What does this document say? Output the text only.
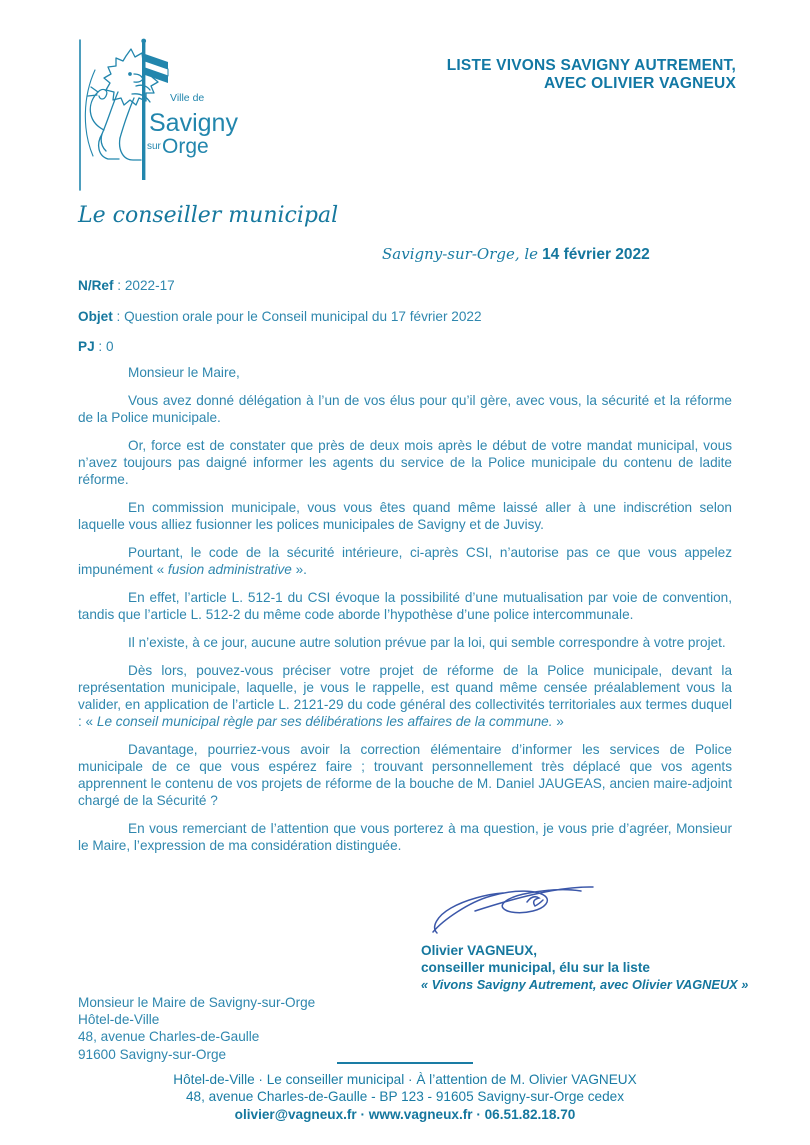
Ville de
Savigny
sur Orge
LISTE VIVONS SAVIGNY AUTREMENT,
AVEC OLIVIER VAGNEUX
Le conseiller municipal
Savigny-sur-Orge, le 14 février 2022
N/Ref : 2022-17
Objet : Question orale pour le Conseil municipal du 17 février 2022
PJ : 0

Monsieur le Maire,

Vous avez donné délégation à l’un de vos élus pour qu’il gère, avec vous, la sécurité et la réforme de la Police municipale.

Or, force est de constater que près de deux mois après le début de votre mandat municipal, vous n’avez toujours pas daigné informer les agents du service de la Police municipale du contenu de ladite réforme.

En commission municipale, vous vous êtes quand même laissé aller à une indiscrétion selon laquelle vous alliez fusionner les polices municipales de Savigny et de Juvisy.

Pourtant, le code de la sécurité intérieure, ci-après CSI, n’autorise pas ce que vous appelez impunément « fusion administrative ».

En effet, l’article L. 512-1 du CSI évoque la possibilité d’une mutualisation par voie de convention, tandis que l’article L. 512-2 du même code aborde l’hypothèse d’une police intercommunale.

Il n’existe, à ce jour, aucune autre solution prévue par la loi, qui semble correspondre à votre projet.

Dès lors, pouvez-vous préciser votre projet de réforme de la Police municipale, devant la représentation municipale, laquelle, je vous le rappelle, est quand même censée préalablement vous la valider, en application de l’article L. 2121-29 du code général des collectivités territoriales aux termes duquel : « Le conseil municipal règle par ses délibérations les affaires de la commune. »

Davantage, pourriez-vous avoir la correction élémentaire d’informer les services de Police municipale de ce que vous espérez faire ; trouvant personnellement très déplacé que vos agents apprennent le contenu de vos projets de réforme de la bouche de M. Daniel JAUGEAS, ancien maire-adjoint chargé de la Sécurité ?

En vous remerciant de l’attention que vous porterez à ma question, je vous prie d’agréer, Monsieur le Maire, l’expression de ma considération distinguée.

Olivier VAGNEUX,
conseiller municipal, élu sur la liste
« Vivons Savigny Autrement, avec Olivier VAGNEUX »
Monsieur le Maire de Savigny-sur-Orge
Hôtel-de-Ville
48, avenue Charles-de-Gaulle
91600 Savigny-sur-Orge
Hôtel-de-Ville · Le conseiller municipal · À l’attention de M. Olivier VAGNEUX
48, avenue Charles-de-Gaulle - BP 123 - 91605 Savigny-sur-Orge cedex
olivier@vagneux.fr · www.vagneux.fr · 06.51.82.18.70
